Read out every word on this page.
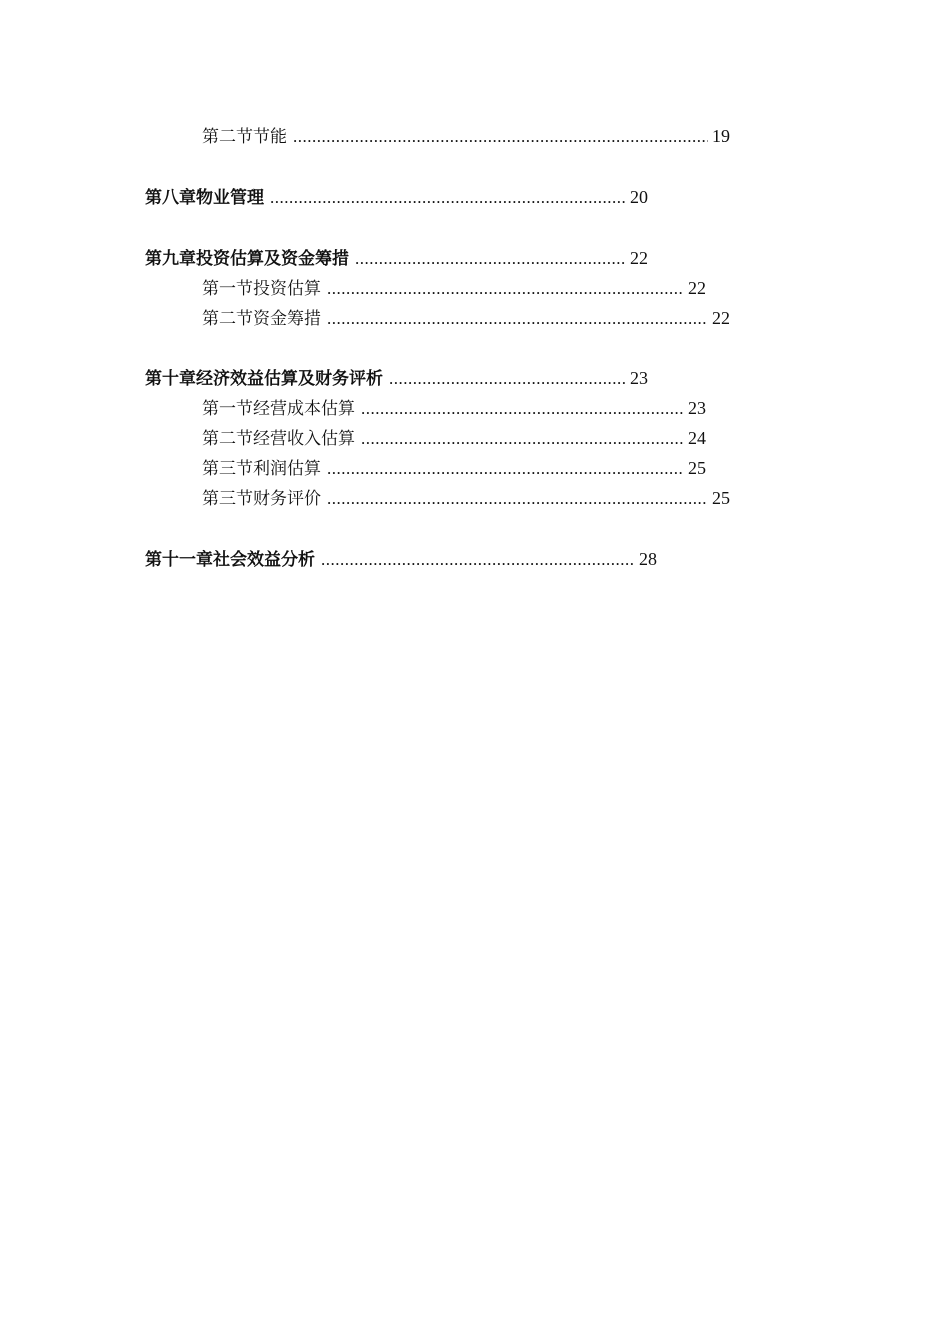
第二节 节能 .....	19
第八章 物业管理 .....	20
第九章 投资估算及资金筹措 .....	22
第一节 投资估算 .....	22
第二节 资金筹措 .....	22
第十章 经济效益估算及财务评析 .....	23
第一节 经营成本估算 .....	23
第二节 经营收入估算 .....	24
第三节 利润估算 .....	25
第三节 财务评价 .....	25
第十一章 社会效益分析 .....	28
